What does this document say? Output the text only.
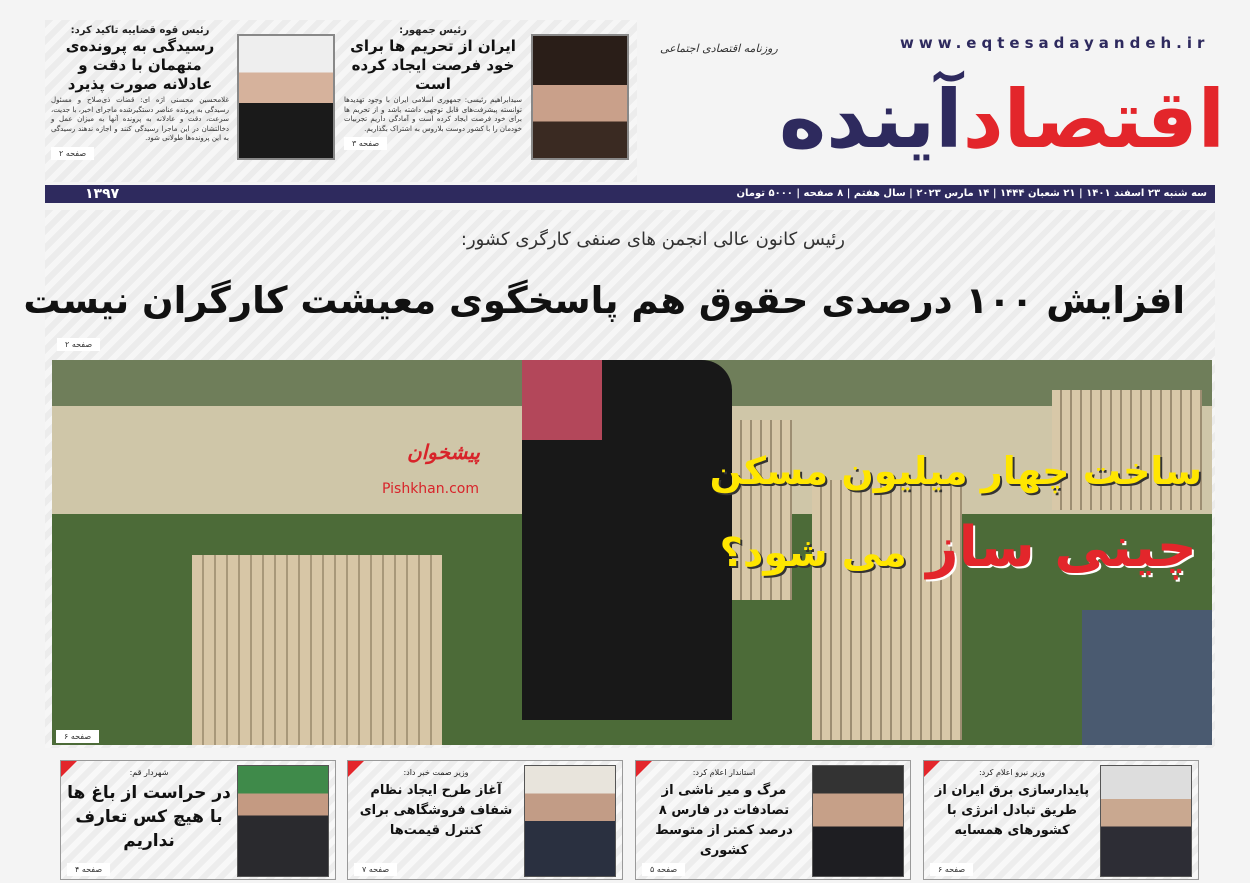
www.eqtesadayandeh.ir
روزنامه اقتصادی اجتماعی
اقتصادآینده
رئیس جمهور:
ایران از تحریم ها برای خود فرصت ایجاد کرده است
سیدابراهیم رئیسی: جمهوری اسلامی ایران با وجود تهدیدها توانسته پیشرفت‌های قابل توجهی داشته باشد و از تحریم ها برای خود فرصت ایجاد کرده است و آمادگی داریم تجربیات خودمان را با کشور دوست بلاروس به اشتراک بگذاریم.
صفحه ۳
رئیس قوه قضاییه تاکید کرد:
رسیدگی به پرونده‌ی متهمان با دقت و عادلانه صورت پذیرد
غلامحسین محسنی اژه ای: قضات ذی‌صلاح و مسئول رسیدگی به پرونده عناصر دستگیرشده ماجرای اخیر، با جدیت، سرعت، دقت و عادلانه به پرونده آنها به میزان عمل و دخالتشان در این ماجرا رسیدگی کنند و اجازه ندهند رسیدگی به این پرونده‌ها طولانی شود.
صفحه ۲
سه شنبه ۲۳ اسفند ۱۴۰۱ | ۲۱ شعبان ۱۴۴۴ | ۱۴ مارس ۲۰۲۳ | سال هفتم | ۸ صفحه | ۵۰۰۰ تومان
۱۳۹۷
رئیس کانون عالی انجمن های صنفی کارگری کشور:
افزایش ۱۰۰ درصدی حقوق هم پاسخگوی معیشت کارگران نیست
صفحه ۲
پیشخوان
Pishkhan.com	ساخت چهار میلیون مسکن
چینی ساز می شود؟
صفحه ۶
وزیر نیرو اعلام کرد:
پایدارسازی برق ایران از طریق تبادل انرژی با کشورهای همسایه
صفحه ۶
استاندار اعلام کرد:
مرگ و میر ناشی از تصادفات در فارس ۸ درصد کمتر از متوسط کشوری
صفحه ۵
وزیر صمت خبر داد:
آغاز طرح ایجاد نظام شفاف فروشگاهی برای کنترل قیمت‌ها
صفحه ۷
شهردار قم:
در حراست از باغ ها با هیچ کس تعارف نداریم
صفحه ۴
